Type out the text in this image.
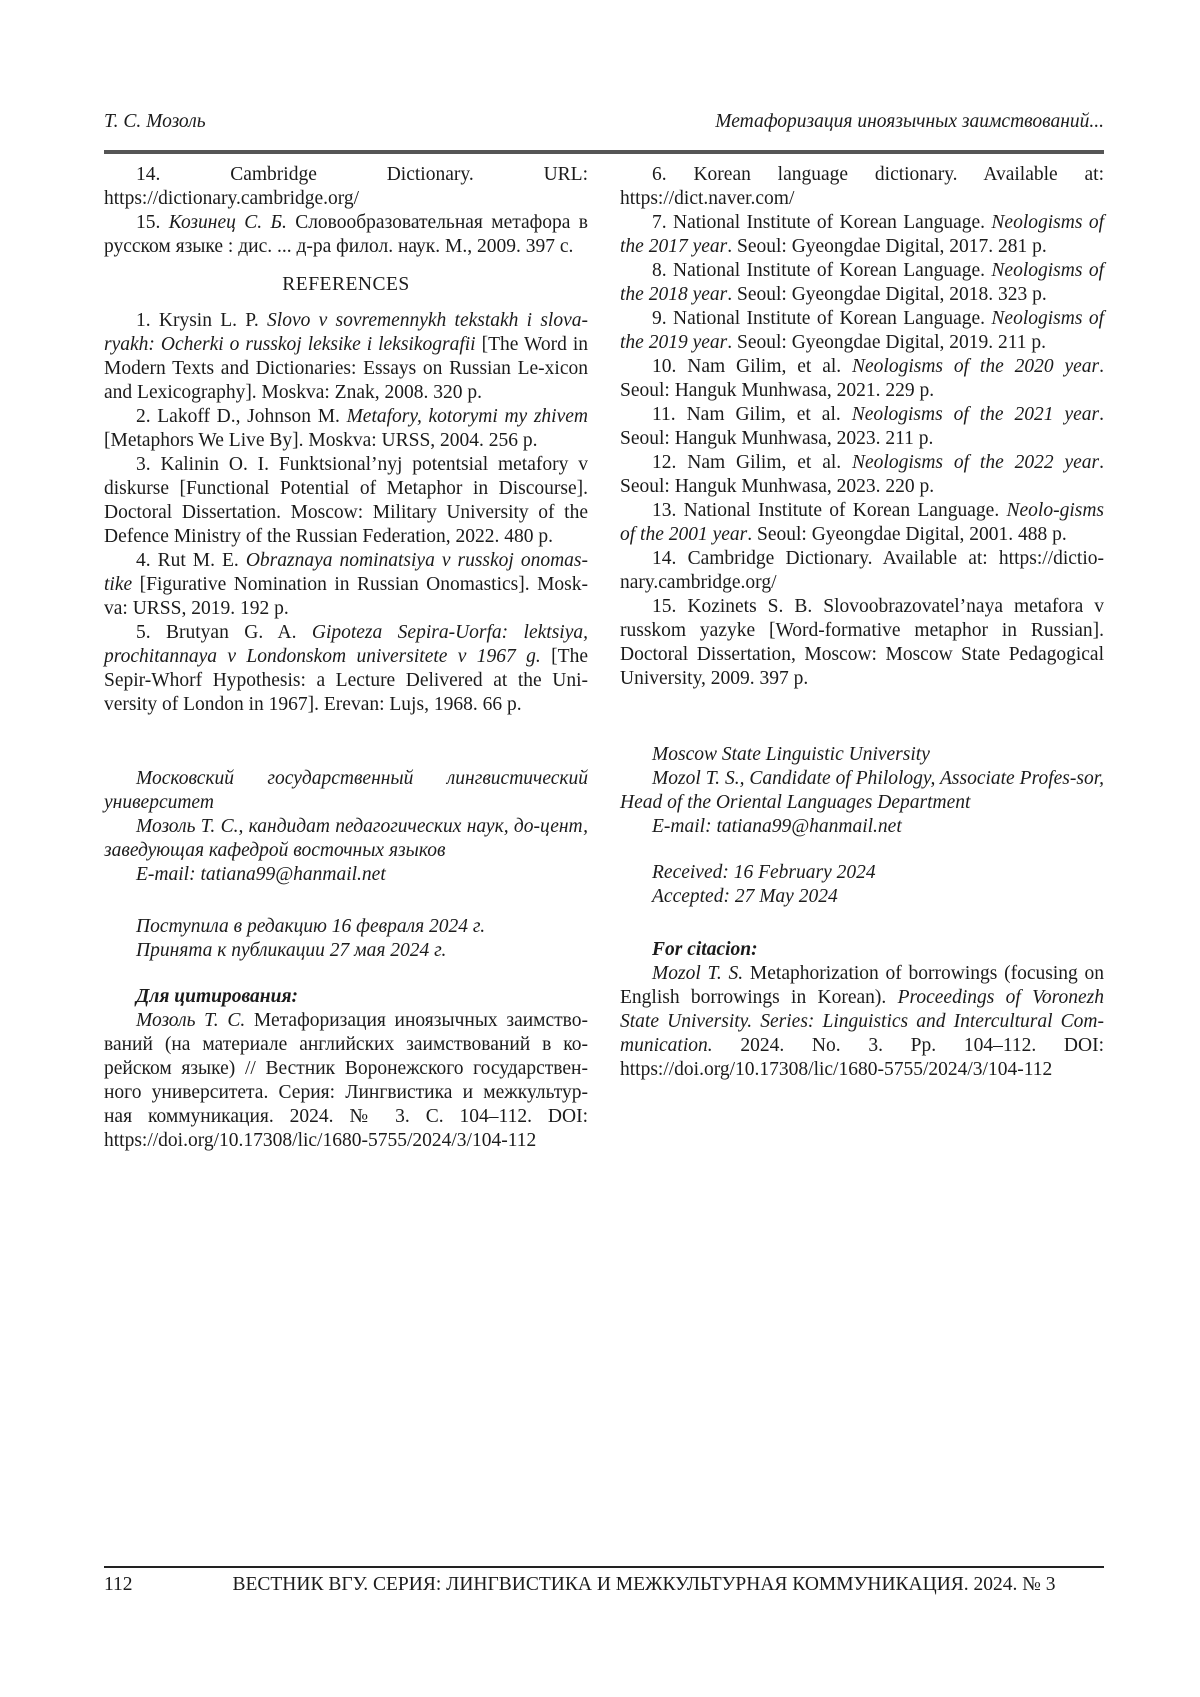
Т. С. Мозоль	Метафоризация иноязычных заимствований...

14. Cambridge Dictionary. URL: https://dictionary.cambridge.org/

15. Козинец С. Б. Словообразовательная метафора в русском языке : дис. ... д-ра филол. наук. М., 2009. 397 с.

REFERENCES

1. Krysin L. P. Slovo v sovremennykh tekstakh i slova-ryakh: Ocherki o russkoj leksike i leksikografii [The Word in Modern Texts and Dictionaries: Essays on Russian Le-xicon and Lexicography]. Moskva: Znak, 2008. 320 p.

2. Lakoff D., Johnson M. Metafory, kotorymi my zhivem [Metaphors We Live By]. Moskva: URSS, 2004. 256 p.

3. Kalinin O. I. Funktsional’nyj potentsial metafory v diskurse [Functional Potential of Metaphor in Discourse]. Doctoral Dissertation. Moscow: Military University of the Defence Ministry of the Russian Federation, 2022. 480 p.

4. Rut M. E. Obraznaya nominatsiya v russkoj onomas-tike [Figurative Nomination in Russian Onomastics]. Mosk-va: URSS, 2019. 192 p.

5. Brutyan G. A. Gipoteza Sepira-Uorfa: lektsiya, prochitannaya v Londonskom universitete v 1967 g. [The Sepir-Whorf Hypothesis: a Lecture Delivered at the Uni-versity of London in 1967]. Erevan: Lujs, 1968. 66 p.

Московский государственный лингвистический университет

Мозоль Т. С., кандидат педагогических наук, до-цент, заведующая кафедрой восточных языков

E-mail: tatiana99@hanmail.net

Поступила в редакцию 16 февраля 2024 г.

Принята к публикации 27 мая 2024 г.

Для цитирования:

Мозоль Т. С. Метафоризация иноязычных заимство-ваний (на материале английских заимствований в ко-рейском языке) // Вестник Воронежского государствен-ного университета. Серия: Лингвистика и межкультур-ная коммуникация. 2024. № 3. С. 104–112. DOI: https://doi.org/10.17308/lic/1680-5755/2024/3/104-112

6. Korean language dictionary. Available at: https://dict.naver.com/

7. National Institute of Korean Language. Neologisms of the 2017 year. Seoul: Gyeongdae Digital, 2017. 281 p.

8. National Institute of Korean Language. Neologisms of the 2018 year. Seoul: Gyeongdae Digital, 2018. 323 p.

9. National Institute of Korean Language. Neologisms of the 2019 year. Seoul: Gyeongdae Digital, 2019. 211 p.

10. Nam Gilim, et al. Neologisms of the 2020 year. Seoul: Hanguk Munhwasa, 2021. 229 p.

11. Nam Gilim, et al. Neologisms of the 2021 year. Seoul: Hanguk Munhwasa, 2023. 211 p.

12. Nam Gilim, et al. Neologisms of the 2022 year. Seoul: Hanguk Munhwasa, 2023. 220 p.

13. National Institute of Korean Language. Neolo-gisms of the 2001 year. Seoul: Gyeongdae Digital, 2001. 488 p.

14. Cambridge Dictionary. Available at: https://dictio-nary.cambridge.org/

15. Kozinets S. B. Slovoobrazovatel’naya metafora v russkom yazyke [Word-formative metaphor in Russian]. Doctoral Dissertation, Moscow: Moscow State Pedagogical University, 2009. 397 p.

Moscow State Linguistic University

Mozol T. S., Candidate of Philology, Associate Profes-sor, Head of the Oriental Languages Department

E-mail: tatiana99@hanmail.net

Received: 16 February 2024

Accepted: 27 May 2024

For citacion:

Mozol T. S. Metaphorization of borrowings (focusing on English borrowings in Korean). Proceedings of Voronezh State University. Series: Linguistics and Intercultural Com-munication. 2024. No. 3. Pp. 104–112. DOI: https://doi.org/10.17308/lic/1680-5755/2024/3/104-112

112	ВЕСТНИК ВГУ. СЕРИЯ: ЛИНГВИСТИКА И МЕЖКУЛЬТУРНАЯ КОММУНИКАЦИЯ. 2024. № 3
